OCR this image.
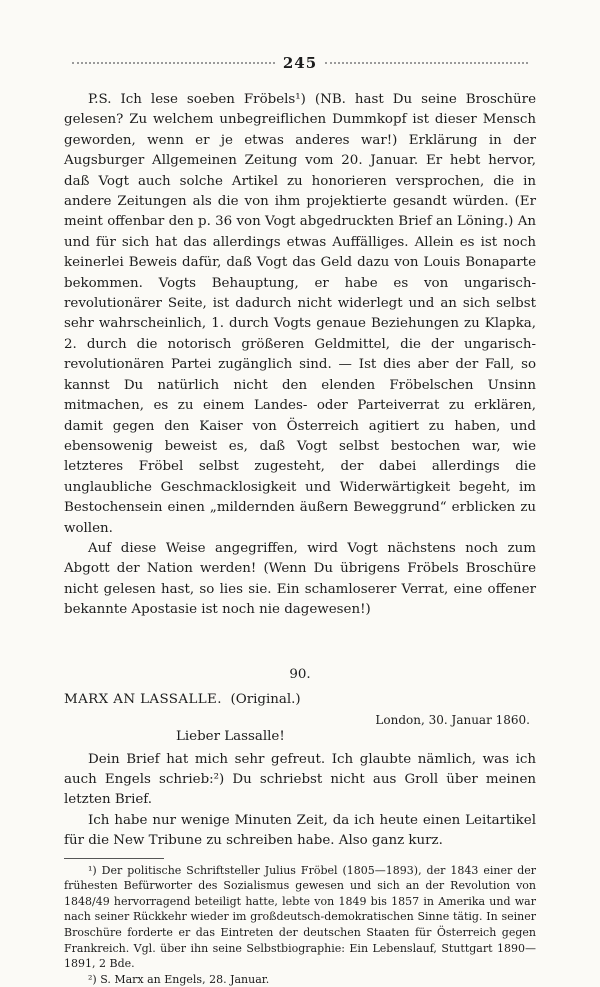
245

P.S. Ich lese soeben Fröbels¹) (NB. hast Du seine Broschüre gelesen? Zu welchem unbegreiflichen Dummkopf ist dieser Mensch geworden, wenn er je etwas anderes war!) Erklärung in der Augsburger Allgemeinen Zeitung vom 20. Januar. Er hebt hervor, daß Vogt auch solche Artikel zu honorieren versprochen, die in andere Zeitungen als die von ihm projektierte gesandt würden. (Er meint offenbar den p. 36 von Vogt abgedruckten Brief an Löning.) An und für sich hat das allerdings etwas Auffälliges. Allein es ist noch keinerlei Beweis dafür, daß Vogt das Geld dazu von Louis Bonaparte bekommen. Vogts Behauptung, er habe es von ungarisch-revolutionärer Seite, ist dadurch nicht widerlegt und an sich selbst sehr wahrscheinlich, 1. durch Vogts genaue Beziehungen zu Klapka, 2. durch die notorisch größeren Geldmittel, die der ungarisch-revolutionären Partei zugänglich sind. — Ist dies aber der Fall, so kannst Du natürlich nicht den elenden Fröbelschen Unsinn mitmachen, es zu einem Landes- oder Parteiverrat zu erklären, damit gegen den Kaiser von Österreich agitiert zu haben, und ebensowenig beweist es, daß Vogt selbst bestochen war, wie letzteres Fröbel selbst zugesteht, der dabei allerdings die unglaubliche Geschmacklosigkeit und Widerwärtigkeit begeht, im Bestochensein einen „mildernden äußern Beweggrund“ erblicken zu wollen.

Auf diese Weise angegriffen, wird Vogt nächstens noch zum Abgott der Nation werden! (Wenn Du übrigens Fröbels Broschüre nicht gelesen hast, so lies sie. Ein schamloserer Verrat, eine offener bekannte Apostasie ist noch nie dagewesen!)

90.
MARX AN LASSALLE. (Original.)
London, 30. Januar 1860.
Lieber Lassalle!

Dein Brief hat mich sehr gefreut. Ich glaubte nämlich, was ich auch Engels schrieb:²) Du schriebst nicht aus Groll über meinen letzten Brief.

Ich habe nur wenige Minuten Zeit, da ich heute einen Leitartikel für die New Tribune zu schreiben habe. Also ganz kurz.

¹) Der politische Schriftsteller Julius Fröbel (1805—1893), der 1843 einer der frühesten Befürworter des Sozialismus gewesen und sich an der Revolution von 1848/49 hervorragend beteiligt hatte, lebte von 1849 bis 1857 in Amerika und war nach seiner Rückkehr wieder im großdeutsch-demokratischen Sinne tätig. In seiner Broschüre forderte er das Eintreten der deutschen Staaten für Österreich gegen Frankreich. Vgl. über ihn seine Selbstbiographie: Ein Lebenslauf, Stuttgart 1890—1891, 2 Bde.

²) S. Marx an Engels, 28. Januar.
